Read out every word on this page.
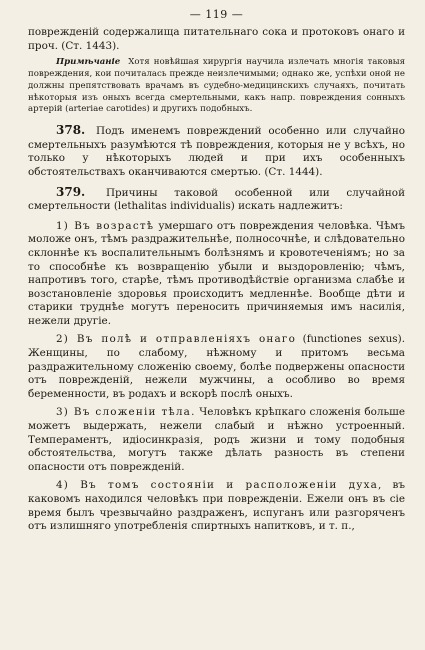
— 119 —

поврежденій содержалища питательнаго сока и протоковъ онаго и проч. (Ст. 1443).

Примѣчаніе Хотя новѣйшая хирургія научила излечать многія таковыя повреждения, кои почиталась прежде неизлечимыми; однако же, успѣхи оной не должны препятствовать врачамъ въ судебно-медицинскихъ случаяхъ, почитать нѣкоторыя изъ оныхъ всегда смертельными, какъ напр. повреждения сонныхъ артерій (arteriae carotides) и другихъ подобныхъ.

378. Подъ именемъ повреждений особенно или случайно смертельныхъ разумѣются тѣ повреждения, которыя не у всѣхъ, но только у нѣкоторыхъ людей и при ихъ особенныхъ обстоятельствахъ оканчиваются смертью. (Ст. 1444).

379. Причины таковой особенной или случайной смертельности (lethalitas individualis) искать надлежитъ:

1) Въ возрастѣ умершаго отъ повреждения человѣка. Чѣмъ моложе онъ, тѣмъ раздражительнѣе, полносочнѣе, и слѣдовательно склоннѣе къ воспалительнымъ болѣзнямъ и кровотеченіямъ; но за то способнѣе къ возвращенію убыли и выздоровленію; чѣмъ, напротивъ того, старѣе, тѣмъ противодѣйствіе организма слабѣе и возстановленіе здоровья происходитъ медленнѣе. Вообще дѣти и старики труднѣе могутъ переносить причиняемыя имъ насилія, нежели другіе.

2) Въ полѣ и отправленіяхъ онаго (functiones sexus). Женщины, по слабому, нѣжному и притомъ весьма раздражительному сложенію своему, болѣе подвержены опасности отъ поврежденій, нежели мужчины, а особливо во время беременности, въ родахъ и вскорѣ послѣ оныхъ.

3) Въ сложеніи тѣла. Человѣкъ крѣпкаго сложенія больше можетъ выдержать, нежели слабый и нѣжно устроенный. Темпераментъ, идіосинкразія, родъ жизни и тому подобныя обстоятельства, могутъ также дѣлать разность въ степени опасности отъ поврежденій.

4) Въ томъ состояніи и расположеніи духа, въ каковомъ находился человѣкъ при поврежденіи. Ежели онъ въ сіе время былъ чрезвычайно раздраженъ, испуганъ или разгоряченъ отъ излишняго употребленія спиртныхъ напитковъ, и т. п.,
